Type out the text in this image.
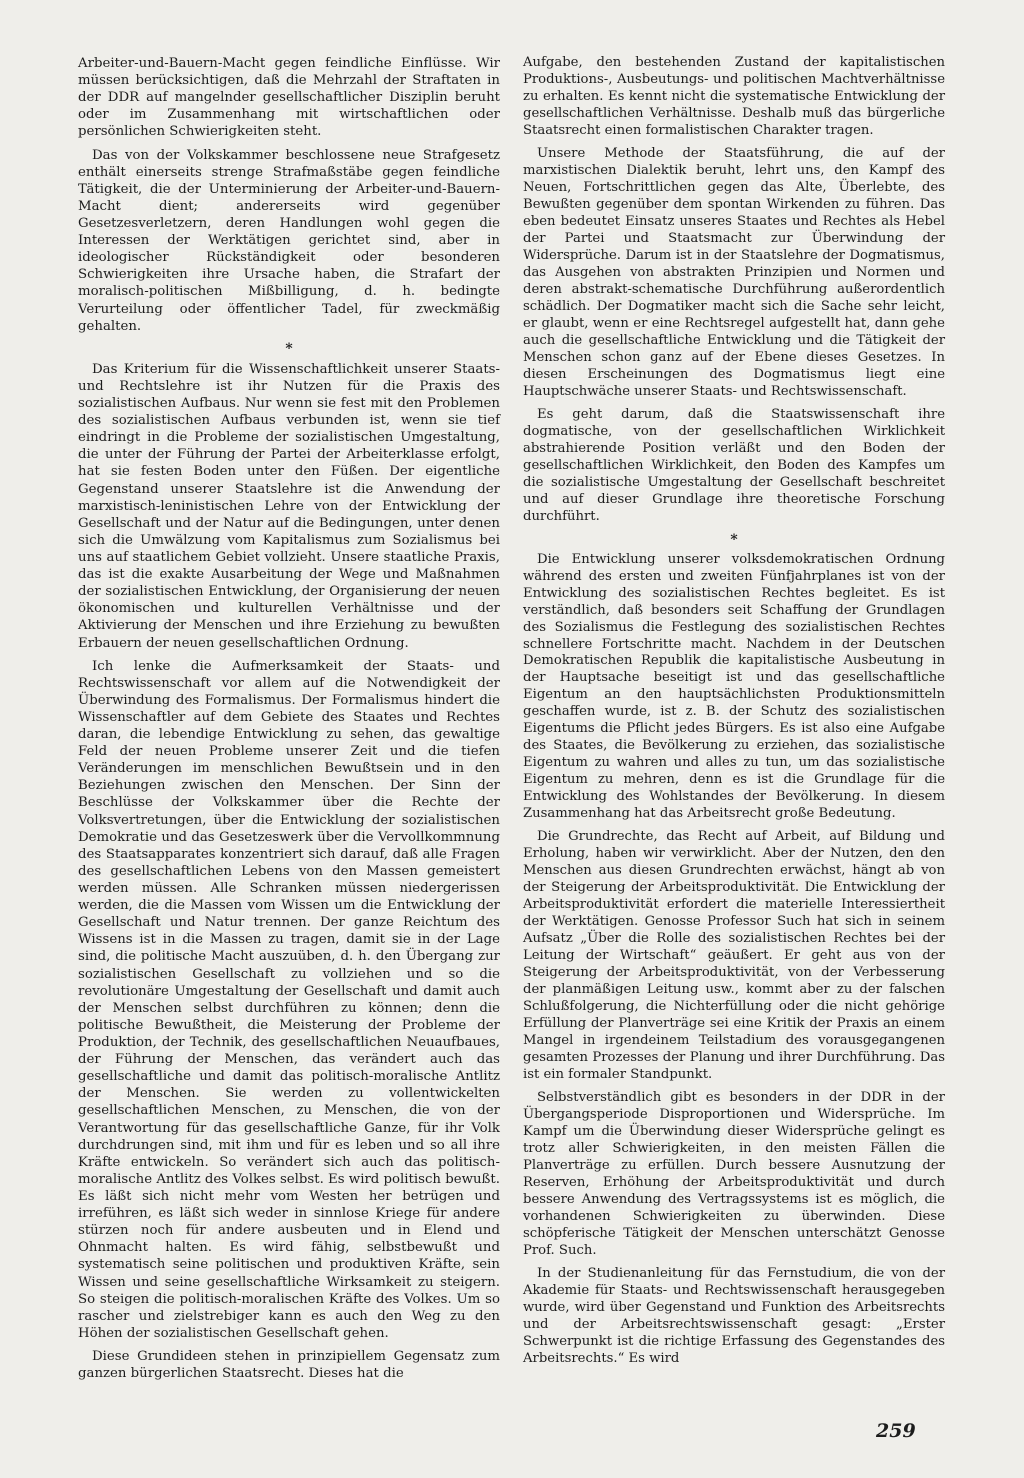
Arbeiter-und-Bauern-Macht gegen feindliche Einflüsse. Wir müssen berücksichtigen, daß die Mehrzahl der Straftaten in der DDR auf mangelnder gesellschaftlicher Disziplin beruht oder im Zusammenhang mit wirtschaftlichen oder persönlichen Schwierigkeiten steht.
Das von der Volkskammer beschlossene neue Strafgesetz enthält einerseits strenge Strafmaßstäbe gegen feindliche Tätigkeit, die der Unterminierung der Arbeiter-und-Bauern-Macht dient; andererseits wird gegenüber Gesetzesverletzern, deren Handlungen wohl gegen die Interessen der Werktätigen gerichtet sind, aber in ideologischer Rückständigkeit oder besonderen Schwierigkeiten ihre Ursache haben, die Strafart der moralisch-politischen Mißbilligung, d. h. bedingte Verurteilung oder öffentlicher Tadel, für zweckmäßig gehalten.
*
Das Kriterium für die Wissenschaftlichkeit unserer Staats- und Rechtslehre ist ihr Nutzen für die Praxis des sozialistischen Aufbaus. Nur wenn sie fest mit den Problemen des sozialistischen Aufbaus verbunden ist, wenn sie tief eindringt in die Probleme der sozialistischen Umgestaltung, die unter der Führung der Partei der Arbeiterklasse erfolgt, hat sie festen Boden unter den Füßen. Der eigentliche Gegenstand unserer Staatslehre ist die Anwendung der marxistisch-leninistischen Lehre von der Entwicklung der Gesellschaft und der Natur auf die Bedingungen, unter denen sich die Umwälzung vom Kapitalismus zum Sozialismus bei uns auf staatlichem Gebiet vollzieht. Unsere staatliche Praxis, das ist die exakte Ausarbeitung der Wege und Maßnahmen der sozialistischen Entwicklung, der Organisierung der neuen ökonomischen und kulturellen Verhältnisse und der Aktivierung der Menschen und ihre Erziehung zu bewußten Erbauern der neuen gesellschaftlichen Ordnung.
Ich lenke die Aufmerksamkeit der Staats- und Rechtswissenschaft vor allem auf die Notwendigkeit der Überwindung des Formalismus. Der Formalismus hindert die Wissenschaftler auf dem Gebiete des Staates und Rechtes daran, die lebendige Entwicklung zu sehen, das gewaltige Feld der neuen Probleme unserer Zeit und die tiefen Veränderungen im menschlichen Bewußtsein und in den Beziehungen zwischen den Menschen. Der Sinn der Beschlüsse der Volkskammer über die Rechte der Volksvertretungen, über die Entwicklung der sozialistischen Demokratie und das Gesetzeswerk über die Vervollkommnung des Staatsapparates konzentriert sich darauf, daß alle Fragen des gesellschaftlichen Lebens von den Massen gemeistert werden müssen. Alle Schranken müssen niedergerissen werden, die die Massen vom Wissen um die Entwicklung der Gesellschaft und Natur trennen. Der ganze Reichtum des Wissens ist in die Massen zu tragen, damit sie in der Lage sind, die politische Macht auszuüben, d. h. den Übergang zur sozialistischen Gesellschaft zu vollziehen und so die revolutionäre Umgestaltung der Gesellschaft und damit auch der Menschen selbst durchführen zu können; denn die politische Bewußtheit, die Meisterung der Probleme der Produktion, der Technik, des gesellschaftlichen Neuaufbaues, der Führung der Menschen, das verändert auch das gesellschaftliche und damit das politisch-moralische Antlitz der Menschen. Sie werden zu vollentwickelten gesellschaftlichen Menschen, zu Menschen, die von der Verantwortung für das gesellschaftliche Ganze, für ihr Volk durchdrungen sind, mit ihm und für es leben und so all ihre Kräfte entwickeln. So verändert sich auch das politisch-moralische Antlitz des Volkes selbst. Es wird politisch bewußt. Es läßt sich nicht mehr vom Westen her betrügen und irreführen, es läßt sich weder in sinnlose Kriege für andere stürzen noch für andere ausbeuten und in Elend und Ohnmacht halten. Es wird fähig, selbstbewußt und systematisch seine politischen und produktiven Kräfte, sein Wissen und seine gesellschaftliche Wirksamkeit zu steigern. So steigen die politisch-moralischen Kräfte des Volkes. Um so rascher und zielstrebiger kann es auch den Weg zu den Höhen der sozialistischen Gesellschaft gehen.
Diese Grundideen stehen in prinzipiellem Gegensatz zum ganzen bürgerlichen Staatsrecht. Dieses hat die
Aufgabe, den bestehenden Zustand der kapitalistischen Produktions-, Ausbeutungs- und politischen Machtverhältnisse zu erhalten. Es kennt nicht die systematische Entwicklung der gesellschaftlichen Verhältnisse. Deshalb muß das bürgerliche Staatsrecht einen formalistischen Charakter tragen.
Unsere Methode der Staatsführung, die auf der marxistischen Dialektik beruht, lehrt uns, den Kampf des Neuen, Fortschrittlichen gegen das Alte, Überlebte, des Bewußten gegenüber dem spontan Wirkenden zu führen. Das eben bedeutet Einsatz unseres Staates und Rechtes als Hebel der Partei und Staatsmacht zur Überwindung der Widersprüche. Darum ist in der Staatslehre der Dogmatismus, das Ausgehen von abstrakten Prinzipien und Normen und deren abstrakt-schematische Durchführung außerordentlich schädlich. Der Dogmatiker macht sich die Sache sehr leicht, er glaubt, wenn er eine Rechtsregel aufgestellt hat, dann gehe auch die gesellschaftliche Entwicklung und die Tätigkeit der Menschen schon ganz auf der Ebene dieses Gesetzes. In diesen Erscheinungen des Dogmatismus liegt eine Hauptschwäche unserer Staats- und Rechtswissenschaft.
Es geht darum, daß die Staatswissenschaft ihre dogmatische, von der gesellschaftlichen Wirklichkeit abstrahierende Position verläßt und den Boden der gesellschaftlichen Wirklichkeit, den Boden des Kampfes um die sozialistische Umgestaltung der Gesellschaft beschreitet und auf dieser Grundlage ihre theoretische Forschung durchführt.
*
Die Entwicklung unserer volksdemokratischen Ordnung während des ersten und zweiten Fünfjahrplanes ist von der Entwicklung des sozialistischen Rechtes begleitet. Es ist verständlich, daß besonders seit Schaffung der Grundlagen des Sozialismus die Festlegung des sozialistischen Rechtes schnellere Fortschritte macht. Nachdem in der Deutschen Demokratischen Republik die kapitalistische Ausbeutung in der Hauptsache beseitigt ist und das gesellschaftliche Eigentum an den hauptsächlichsten Produktionsmitteln geschaffen wurde, ist z. B. der Schutz des sozialistischen Eigentums die Pflicht jedes Bürgers. Es ist also eine Aufgabe des Staates, die Bevölkerung zu erziehen, das sozialistische Eigentum zu wahren und alles zu tun, um das sozialistische Eigentum zu mehren, denn es ist die Grundlage für die Entwicklung des Wohlstandes der Bevölkerung. In diesem Zusammenhang hat das Arbeitsrecht große Bedeutung.
Die Grundrechte, das Recht auf Arbeit, auf Bildung und Erholung, haben wir verwirklicht. Aber der Nutzen, den den Menschen aus diesen Grundrechten erwächst, hängt ab von der Steigerung der Arbeitsproduktivität. Die Entwicklung der Arbeitsproduktivität erfordert die materielle Interessiertheit der Werktätigen. Genosse Professor Such hat sich in seinem Aufsatz „Über die Rolle des sozialistischen Rechtes bei der Leitung der Wirtschaft“ geäußert. Er geht aus von der Steigerung der Arbeitsproduktivität, von der Verbesserung der planmäßigen Leitung usw., kommt aber zu der falschen Schlußfolgerung, die Nichterfüllung oder die nicht gehörige Erfüllung der Planverträge sei eine Kritik der Praxis an einem Mangel in irgendeinem Teilstadium des vorausgegangenen gesamten Prozesses der Planung und ihrer Durchführung. Das ist ein formaler Standpunkt.
Selbstverständlich gibt es besonders in der DDR in der Übergangsperiode Disproportionen und Widersprüche. Im Kampf um die Überwindung dieser Widersprüche gelingt es trotz aller Schwierigkeiten, in den meisten Fällen die Planverträge zu erfüllen. Durch bessere Ausnutzung der Reserven, Erhöhung der Arbeitsproduktivität und durch bessere Anwendung des Vertragssystems ist es möglich, die vorhandenen Schwierigkeiten zu überwinden. Diese schöpferische Tätigkeit der Menschen unterschätzt Genosse Prof. Such.
In der Studienanleitung für das Fernstudium, die von der Akademie für Staats- und Rechtswissenschaft herausgegeben wurde, wird über Gegenstand und Funktion des Arbeitsrechts und der Arbeitsrechtswissenschaft gesagt: „Erster Schwerpunkt ist die richtige Erfassung des Gegenstandes des Arbeitsrechts.“ Es wird
259
